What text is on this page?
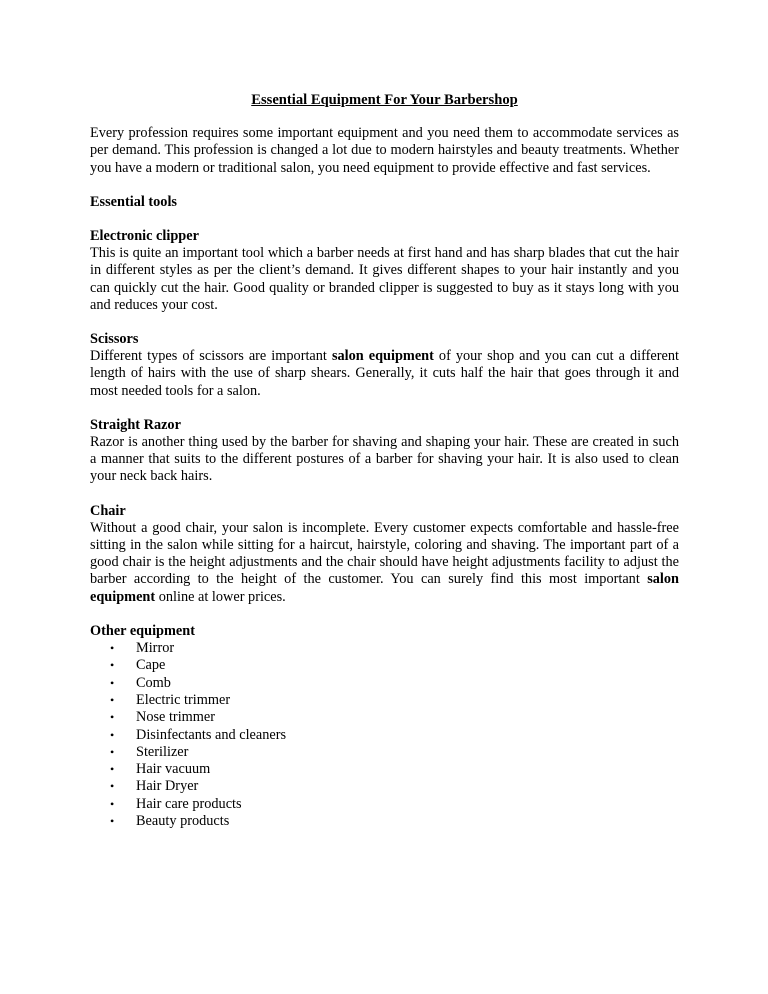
Essential Equipment For Your Barbershop

Every profession requires some important equipment and you need them to accommodate services as per demand. This profession is changed a lot due to modern hairstyles and beauty treatments. Whether you have a modern or traditional salon, you need equipment to provide effective and fast services.

Essential tools
Electronic clipper

This is quite an important tool which a barber needs at first hand and has sharp blades that cut the hair in different styles as per the client’s demand. It gives different shapes to your hair instantly and you can quickly cut the hair. Good quality or branded clipper is suggested to buy as it stays long with you and reduces your cost.

Scissors

Different types of scissors are important salon equipment of your shop and you can cut a different length of hairs with the use of sharp shears. Generally, it cuts half the hair that goes through it and most needed tools for a salon.

Straight Razor

Razor is another thing used by the barber for shaving and shaping your hair. These are created in such a manner that suits to the different postures of a barber for shaving your hair. It is also used to clean your neck back hairs.

Chair

Without a good chair, your salon is incomplete. Every customer expects comfortable and hassle-free sitting in the salon while sitting for a haircut, hairstyle, coloring and shaving. The important part of a good chair is the height adjustments and the chair should have height adjustments facility to adjust the barber according to the height of the customer. You can surely find this most important salon equipment online at lower prices.

Other equipment
• Mirror
• Cape
• Comb
• Electric trimmer
• Nose trimmer
• Disinfectants and cleaners
• Sterilizer
• Hair vacuum
• Hair Dryer
• Hair care products
• Beauty products
